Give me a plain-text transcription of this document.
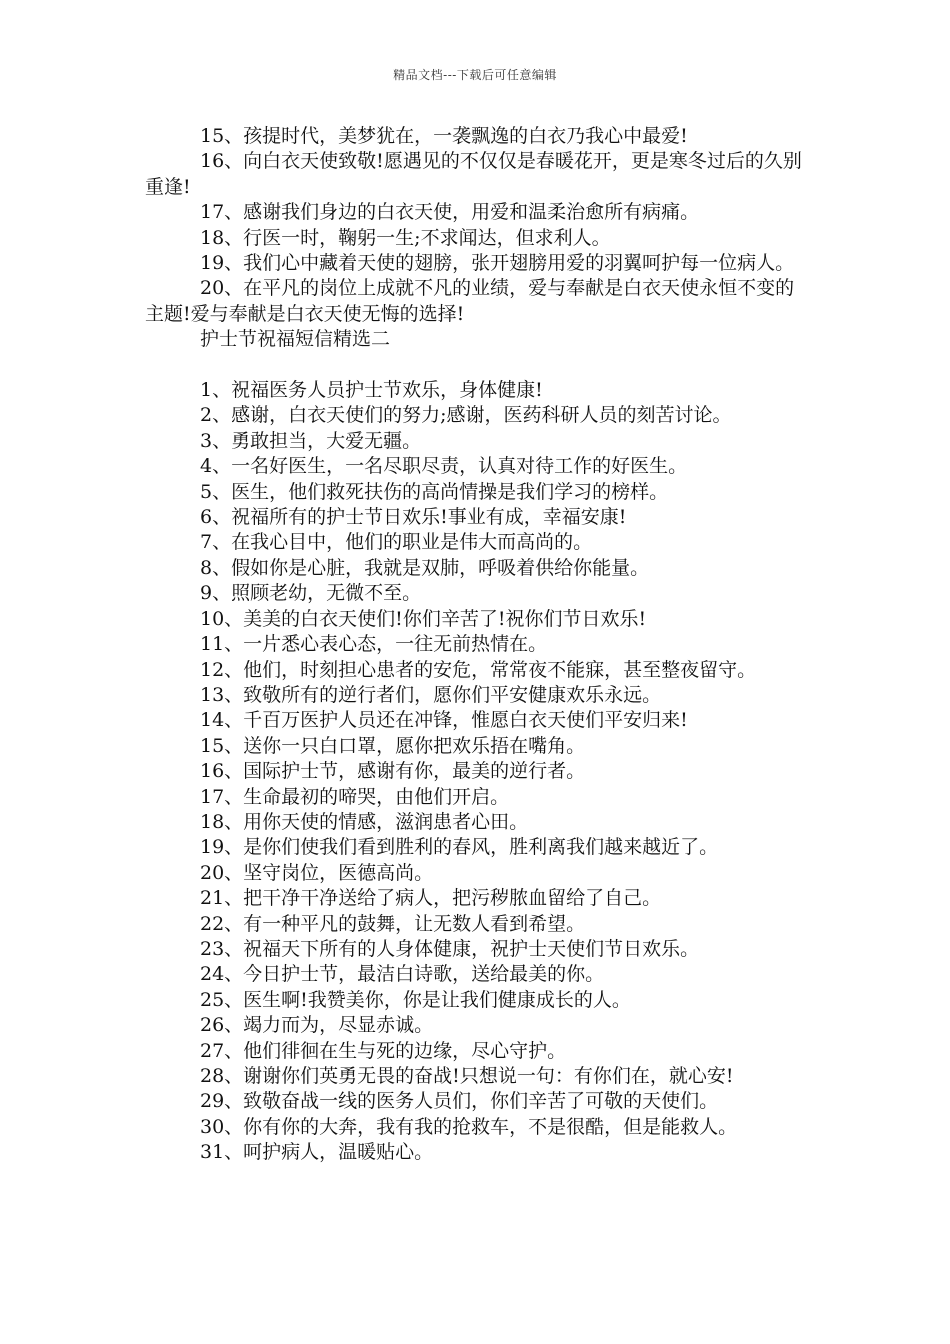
精品文档---下载后可任意编辑

15、孩提时代，美梦犹在，一袭飘逸的白衣乃我心中最爱!

16、向白衣天使致敬!愿遇见的不仅仅是春暖花开，更是寒冬过后的久别重逢!

17、感谢我们身边的白衣天使，用爱和温柔治愈所有病痛。

18、行医一时，鞠躬一生;不求闻达，但求利人。

19、我们心中藏着天使的翅膀，张开翅膀用爱的羽翼呵护每一位病人。

20、在平凡的岗位上成就不凡的业绩，爱与奉献是白衣天使永恒不变的主题!爱与奉献是白衣天使无悔的选择!

护士节祝福短信精选二

1、祝福医务人员护士节欢乐，身体健康!

2、感谢，白衣天使们的努力;感谢，医药科研人员的刻苦讨论。

3、勇敢担当，大爱无疆。

4、一名好医生，一名尽职尽责，认真对待工作的好医生。

5、医生，他们救死扶伤的高尚情操是我们学习的榜样。

6、祝福所有的护士节日欢乐!事业有成，幸福安康!

7、在我心目中，他们的职业是伟大而高尚的。

8、假如你是心脏，我就是双肺，呼吸着供给你能量。

9、照顾老幼，无微不至。

10、美美的白衣天使们!你们辛苦了!祝你们节日欢乐!

11、一片悉心表心态，一往无前热情在。

12、他们，时刻担心患者的安危，常常夜不能寐，甚至整夜留守。

13、致敬所有的逆行者们，愿你们平安健康欢乐永远。

14、千百万医护人员还在冲锋，惟愿白衣天使们平安归来!

15、送你一只白口罩，愿你把欢乐捂在嘴角。

16、国际护士节，感谢有你，最美的逆行者。

17、生命最初的啼哭，由他们开启。

18、用你天使的情感，滋润患者心田。

19、是你们使我们看到胜利的春风，胜利离我们越来越近了。

20、坚守岗位，医德高尚。

21、把干净干净送给了病人，把污秽脓血留给了自己。

22、有一种平凡的鼓舞，让无数人看到希望。

23、祝福天下所有的人身体健康，祝护士天使们节日欢乐。

24、今日护士节，最洁白诗歌，送给最美的你。

25、医生啊!我赞美你，你是让我们健康成长的人。

26、竭力而为，尽显赤诚。

27、他们徘徊在生与死的边缘，尽心守护。

28、谢谢你们英勇无畏的奋战!只想说一句：有你们在，就心安!

29、致敬奋战一线的医务人员们，你们辛苦了可敬的天使们。

30、你有你的大奔，我有我的抢救车，不是很酷，但是能救人。

31、呵护病人，温暖贴心。
